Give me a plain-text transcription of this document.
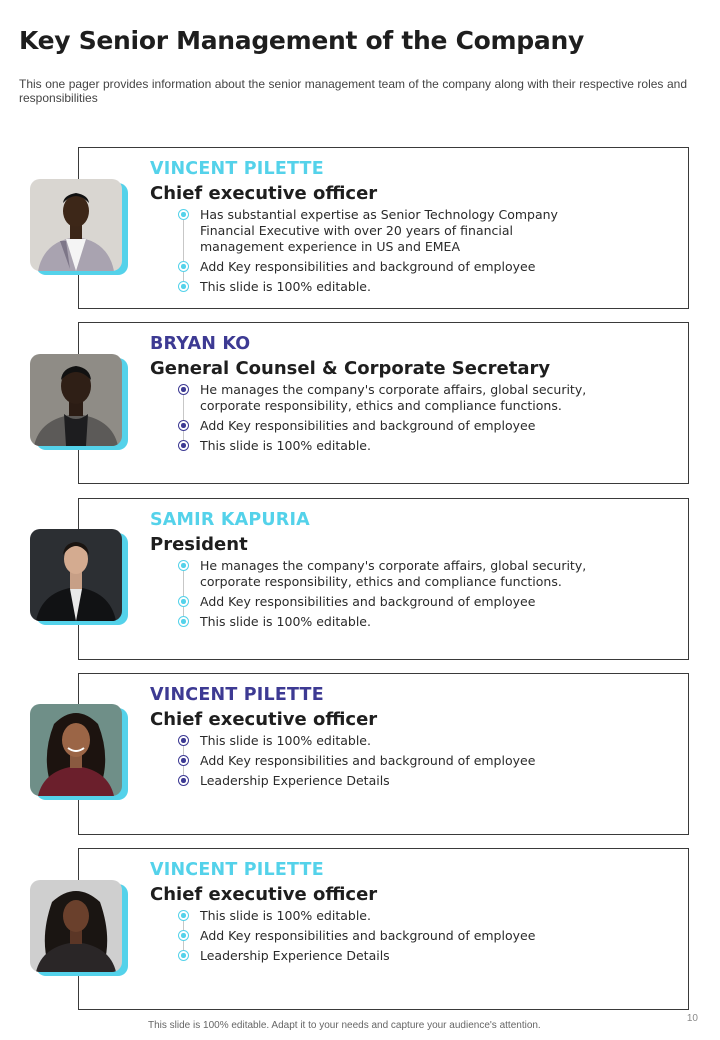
Key Senior Management of the Company
This one pager provides information about the senior management team of the company along with their respective roles and responsibilities
VINCENT PILETTE
Chief executive officer
Has substantial expertise as Senior Technology Company Financial Executive with over 20 years of financial management experience in US and EMEA
Add Key responsibilities and background of employee
This slide is 100% editable.
BRYAN KO
General Counsel & Corporate Secretary
He manages the company's corporate affairs, global security, corporate responsibility, ethics and compliance functions.
Add Key responsibilities and background of employee
This slide is 100% editable.
SAMIR KAPURIA
President
He manages the company's corporate affairs, global security, corporate responsibility, ethics and compliance functions.
Add Key responsibilities and background of employee
This slide is 100% editable.
VINCENT PILETTE
Chief executive officer
This slide is 100% editable.
Add Key responsibilities and background of employee
Leadership Experience Details
VINCENT PILETTE
Chief executive officer
This slide is 100% editable.
Add Key responsibilities and background of employee
Leadership Experience Details
This slide is 100% editable. Adapt it to your needs and capture your audience's attention.
10
